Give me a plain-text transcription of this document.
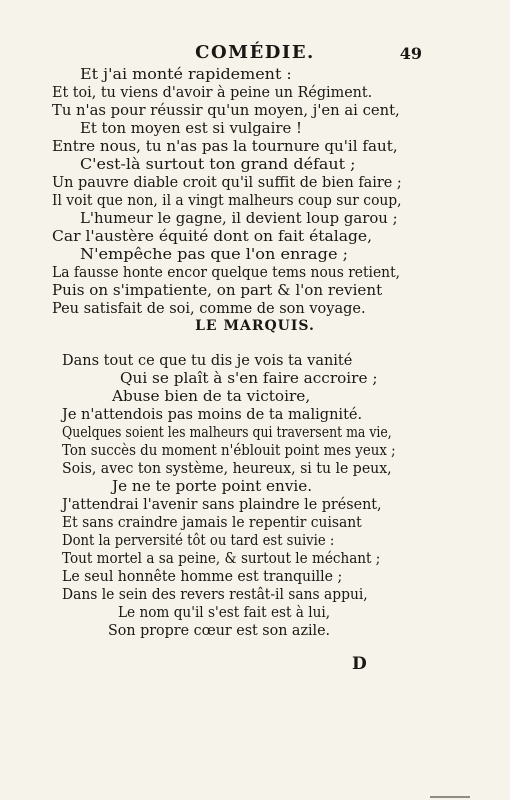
COMÉDIE.	49
Et j'ai monté rapidement :
Et toi, tu viens d'avoir à peine un Régiment.
Tu n'as pour réussir qu'un moyen, j'en ai cent,
Et ton moyen est si vulgaire !
Entre nous, tu n'as pas la tournure qu'il faut,
C'est-là surtout ton grand défaut ;
Un pauvre diable croit qu'il suffit de bien faire ;
Il voit que non, il a vingt malheurs coup sur coup,
L'humeur le gagne, il devient loup garou ;
Car l'austère équité dont on fait étalage,
N'empêche pas que l'on enrage ;
La fausse honte encor quelque tems nous retient,
Puis on s'impatiente, on part & l'on revient
Peu satisfait de soi, comme de son voyage.
LE MARQUIS.
Dans tout ce que tu dis je vois ta vanité
Qui se plaît à s'en faire accroire ;
Abuse bien de ta victoire,
Je n'attendois pas moins de ta malignité.
Quelques soient les malheurs qui traversent ma vie,
Ton succès du moment n'éblouit point mes yeux ;
Sois, avec ton système, heureux, si tu le peux,
Je ne te porte point envie.
J'attendrai l'avenir sans plaindre le présent,
Et sans craindre jamais le repentir cuisant
Dont la perversité tôt ou tard est suivie :
Tout mortel a sa peine, & surtout le méchant ;
Le seul honnête homme est tranquille ;
Dans le sein des revers restât-il sans appui,
Le nom qu'il s'est fait est à lui,
Son propre cœur est son azile.
D
